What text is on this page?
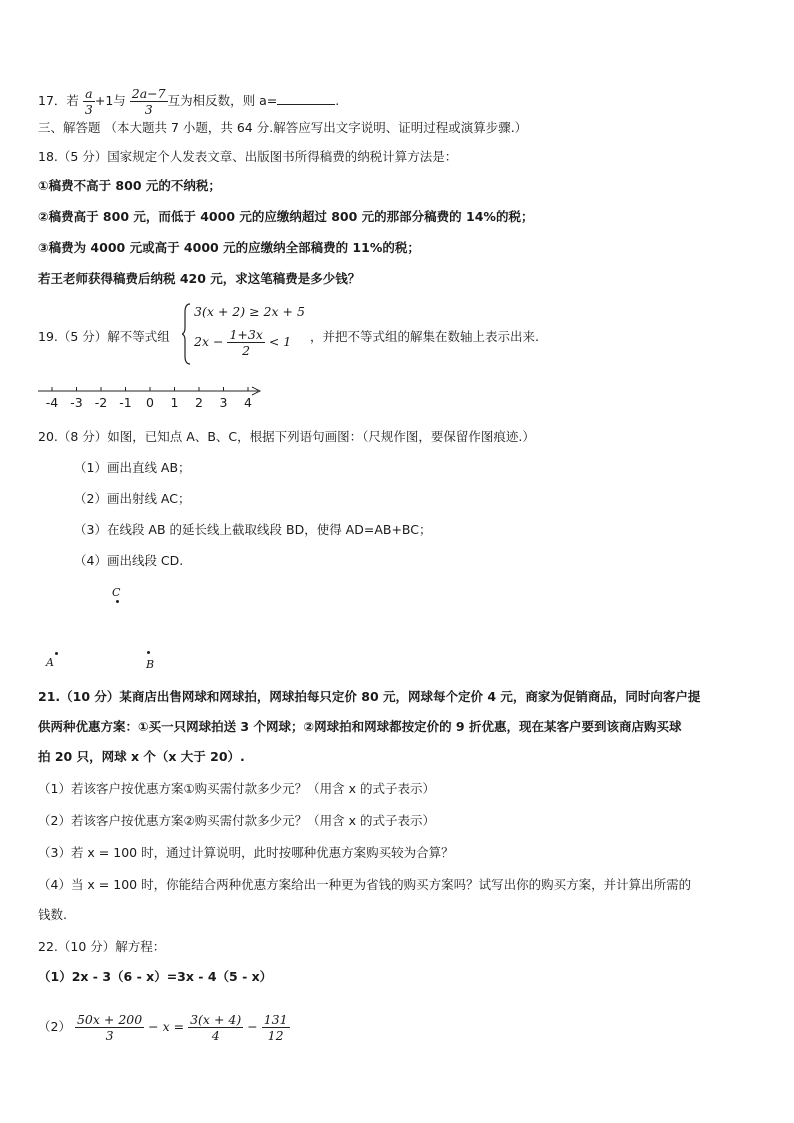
17．若 $\frac{a}{3} +1$与 $\frac{2a-7}{3}$ 互为相反数，则 a=	.
三、解答题 （本大题共 7 小题，共 64 分.解答应写出文字说明、证明过程或演算步骤.）
18.（5 分）国家规定个人发表文章、出版图书所得稿费的纳税计算方法是：
①稿费不高于 800 元的不纳税；
②稿费高于 800 元，而低于 4000 元的应缴纳超过 800 元的那部分稿费的 14%的税；
③稿费为 4000 元或高于 4000 元的应缴纳全部稿费的 11%的税；
若王老师获得稿费后纳税 420 元，求这笔稿费是多少钱？
19.（5 分）解不等式组
3(x + 2) ≥ 2x + 5
$2x - \frac{1+3x}{2} < 1$ ，并把不等式组的解集在数轴上表示出来.
-4 -3 -2 -1 0 1 2 3 4
20.（8 分）如图，已知点 A、B、C，根据下列语句画图：（尺规作图，要保留作图痕迹.）
（1）画出直线 AB；
（2）画出射线 AC；
（3）在线段 AB 的延长线上截取线段 BD，使得 AD=AB+BC；
（4）画出线段 CD.
C
A	B
21.（10 分）某商店出售网球和网球拍，网球拍每只定价 80 元，网球每个定价 4 元，商家为促销商品，同时向客户提
供两种优惠方案：①买一只网球拍送 3 个网球；②网球拍和网球都按定价的 9 折优惠，现在某客户要到该商店购买球
拍 20 只，网球 x 个（x 大于 20）.
（1）若该客户按优惠方案①购买需付款多少元？（用含 x 的式子表示）
（2）若该客户按优惠方案②购买需付款多少元？（用含 x 的式子表示）
（3）若 x = 100 时，通过计算说明，此时按哪种优惠方案购买较为合算？
（4）当 x = 100 时，你能结合两种优惠方案给出一种更为省钱的购买方案吗？试写出你的购买方案，并计算出所需的
钱数.
22.（10 分）解方程：
（1）2x - 3（6 - x）=3x - 4（5 - x）
$(2) \frac{50x + 200}{3} - x = \frac{3(x + 4)}{4} - \frac{131}{12}$
